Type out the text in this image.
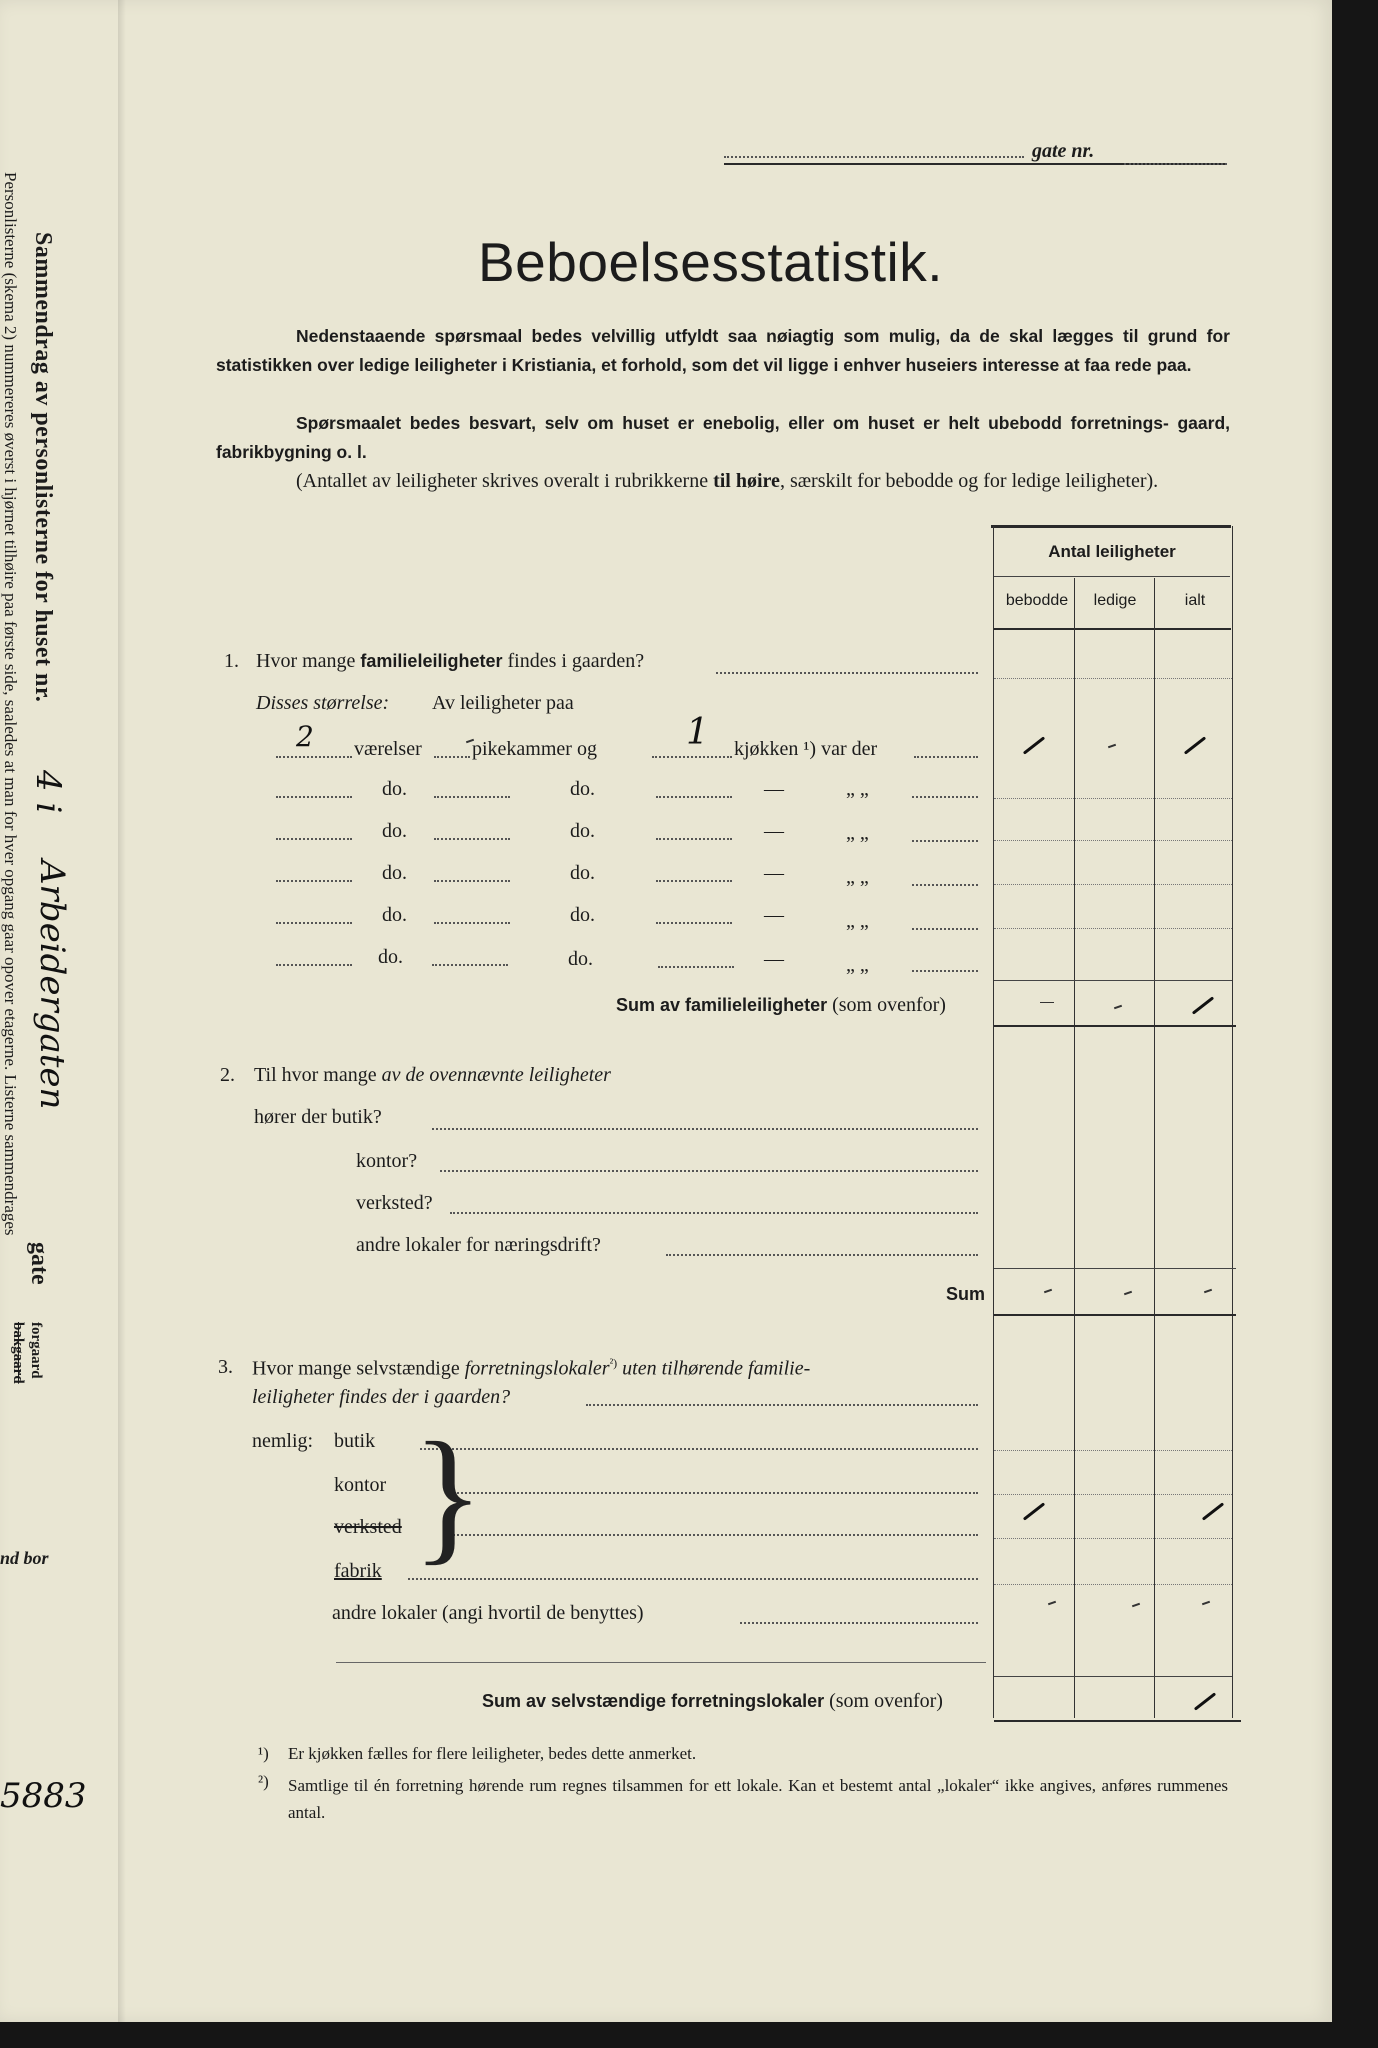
Sammendrag av personlisterne for huset nr.
4 i
Arbeidergaten
gate
forgaard
bakgaard
Personlisterne (skema 2) nummereres øverst i hjørnet tilhøire paa første side, saaledes at man for hver opgang gaar opover etagerne. Listerne sammendrages
nd bor
5883
gate nr.
Beboelsesstatistik.
Nedenstaaende spørsmaal bedes velvillig utfyldt saa nøiagtig som mulig, da de skal lægges til grund for statistikken over ledige leiligheter i Kristiania, et forhold, som det vil ligge i enhver huseiers interesse at faa rede paa.
Spørsmaalet bedes besvart, selv om huset er enebolig, eller om huset er helt ubebodd forretnings- gaard, fabrikbygning o. l.
(Antallet av leiligheter skrives overalt i rubrikkerne til høire, særskilt for bebodde og for ledige leiligheter).
Antal leiligheter
bebodde	ledige	ialt
1. Hvor mange familieleiligheter findes i gaarden?
Disses størrelse: Av leiligheter paa
2 værelser	pikekammer og 1 kjøkken ¹) var der
do.	do.	—	„ „
do.	do.	—	„ „
do.	do.	—	„ „
do.	do.	—	„ „
do.	do.	—	„ „
Sum av familieleiligheter (som ovenfor)
2. Til hvor mange av de ovennævnte leiligheter
hører der butik?
kontor?
verksted?
andre lokaler for næringsdrift?
Sum
3. Hvor mange selvstændige forretningslokaler$^{^2)}$ uten tilhørende familie-
leiligheter findes der i gaarden?
nemlig: butik
kontor
verksted
fabrik }
andre lokaler (angi hvortil de benyttes)
Sum av selvstændige forretningslokaler (som ovenfor)
¹) Er kjøkken fælles for flere leiligheter, bedes dette anmerket.
²) Samtlige til én forretning hørende rum regnes tilsammen for ett lokale. Kan et bestemt antal „lokaler“ ikke angives, anføres rummenes antal.
